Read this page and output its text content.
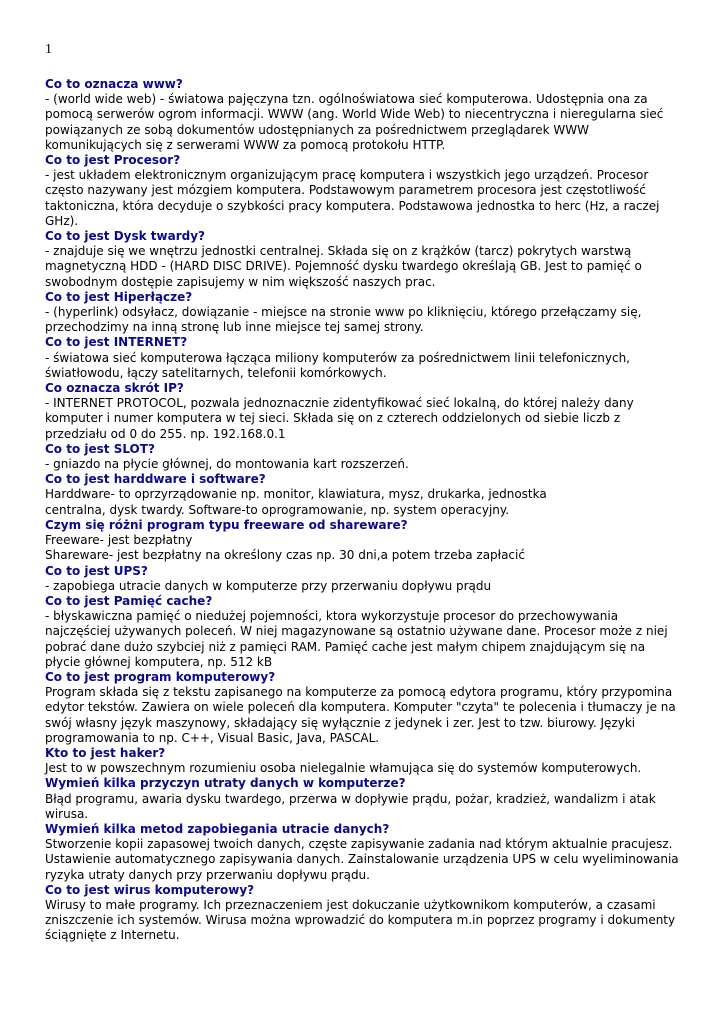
1
Co to oznacza www?
- (world wide web) - światowa pajęczyna tzn. ogólnoświatowa sieć komputerowa. Udostępnia ona za pomocą serwerów ogrom informacji. WWW (ang. World Wide Web) to niecentryczna i nieregularna sieć powiązanych ze sobą dokumentów udostępnianych za pośrednictwem przeglądarek WWW komunikujących się z serwerami WWW za pomocą protokołu HTTP.
Co to jest Procesor?
- jest układem elektronicznym organizującym pracę komputera i wszystkich jego urządzeń. Procesor często nazywany jest mózgiem komputera. Podstawowym parametrem procesora jest częstotliwość taktoniczna, która decyduje o szybkości pracy komputera. Podstawowa jednostka to herc (Hz, a raczej GHz).
Co to jest Dysk twardy?
- znajduje się we wnętrzu jednostki centralnej. Składa się on z krążków (tarcz) pokrytych warstwą magnetyczną HDD - (HARD DISC DRIVE). Pojemność dysku twardego określają GB. Jest to pamięć o swobodnym dostępie zapisujemy w nim większość naszych prac.
Co to jest Hiperłącze?
- (hyperlink) odsyłacz, dowiązanie - miejsce na stronie www po kliknięciu, którego przełączamy się, przechodzimy na inną stronę lub inne miejsce tej samej strony.
Co to jest INTERNET?
- światowa sieć komputerowa łącząca miliony komputerów za pośrednictwem linii telefonicznych, światłowodu, łączy satelitarnych, telefonii komórkowych.
Co oznacza skrót IP?
- INTERNET PROTOCOL, pozwala jednoznacznie zidentyfikować sieć lokalną, do której należy dany komputer i numer komputera w tej sieci. Składa się on z czterech oddzielonych od siebie liczb z przedziału od 0 do 255. np. 192.168.0.1
Co to jest SLOT?
- gniazdo na płycie głównej, do montowania kart rozszerzeń.
Co to jest harddware i software?
Harddware- to oprzyrządowanie np. monitor, klawiatura, mysz, drukarka, jednostka
centralna, dysk twardy. Software-to oprogramowanie, np. system operacyjny.
Czym się różni program typu freeware od shareware?
Freeware- jest bezpłatny
Shareware- jest bezpłatny na określony czas np. 30 dni,a potem trzeba zapłacić
Co to jest UPS?
- zapobiega utracie danych w komputerze przy przerwaniu dopływu prądu
Co to jest Pamięć cache?
- błyskawiczna pamięć o niedużej pojemności, ktora wykorzystuje procesor do przechowywania najczęściej używanych poleceń. W niej magazynowane są ostatnio używane dane. Procesor może z niej pobrać dane dużo szybciej niż z pamięci RAM. Pamięć cache jest małym chipem znajdującym się na płycie głównej komputera, np. 512 kB
Co to jest program komputerowy?
Program składa się z tekstu zapisanego na komputerze za pomocą edytora programu, który przypomina edytor tekstów. Zawiera on wiele poleceń dla komputera. Komputer "czyta" te polecenia i tłumaczy je na swój własny język maszynowy, składający się wyłącznie z jedynek i zer. Jest to tzw. biurowy. Języki programowania to np. C++, Visual Basic, Java, PASCAL.
Kto to jest haker?
Jest to w powszechnym rozumieniu osoba nielegalnie włamująca się do systemów komputerowych.
Wymień kilka przyczyn utraty danych w komputerze?
Błąd programu, awaria dysku twardego, przerwa w dopływie prądu, pożar, kradzież, wandalizm i atak wirusa.
Wymień kilka metod zapobiegania utracie danych?
Stworzenie kopii zapasowej twoich danych, częste zapisywanie zadania nad którym aktualnie pracujesz. Ustawienie automatycznego zapisywania danych. Zainstalowanie urządzenia UPS w celu wyeliminowania ryzyka utraty danych przy przerwaniu dopływu prądu.
Co to jest wirus komputerowy?
Wirusy to małe programy. Ich przeznaczeniem jest dokuczanie użytkownikom komputerów, a czasami zniszczenie ich systemów. Wirusa można wprowadzić do komputera m.in poprzez programy i dokumenty ściągnięte z Internetu.
